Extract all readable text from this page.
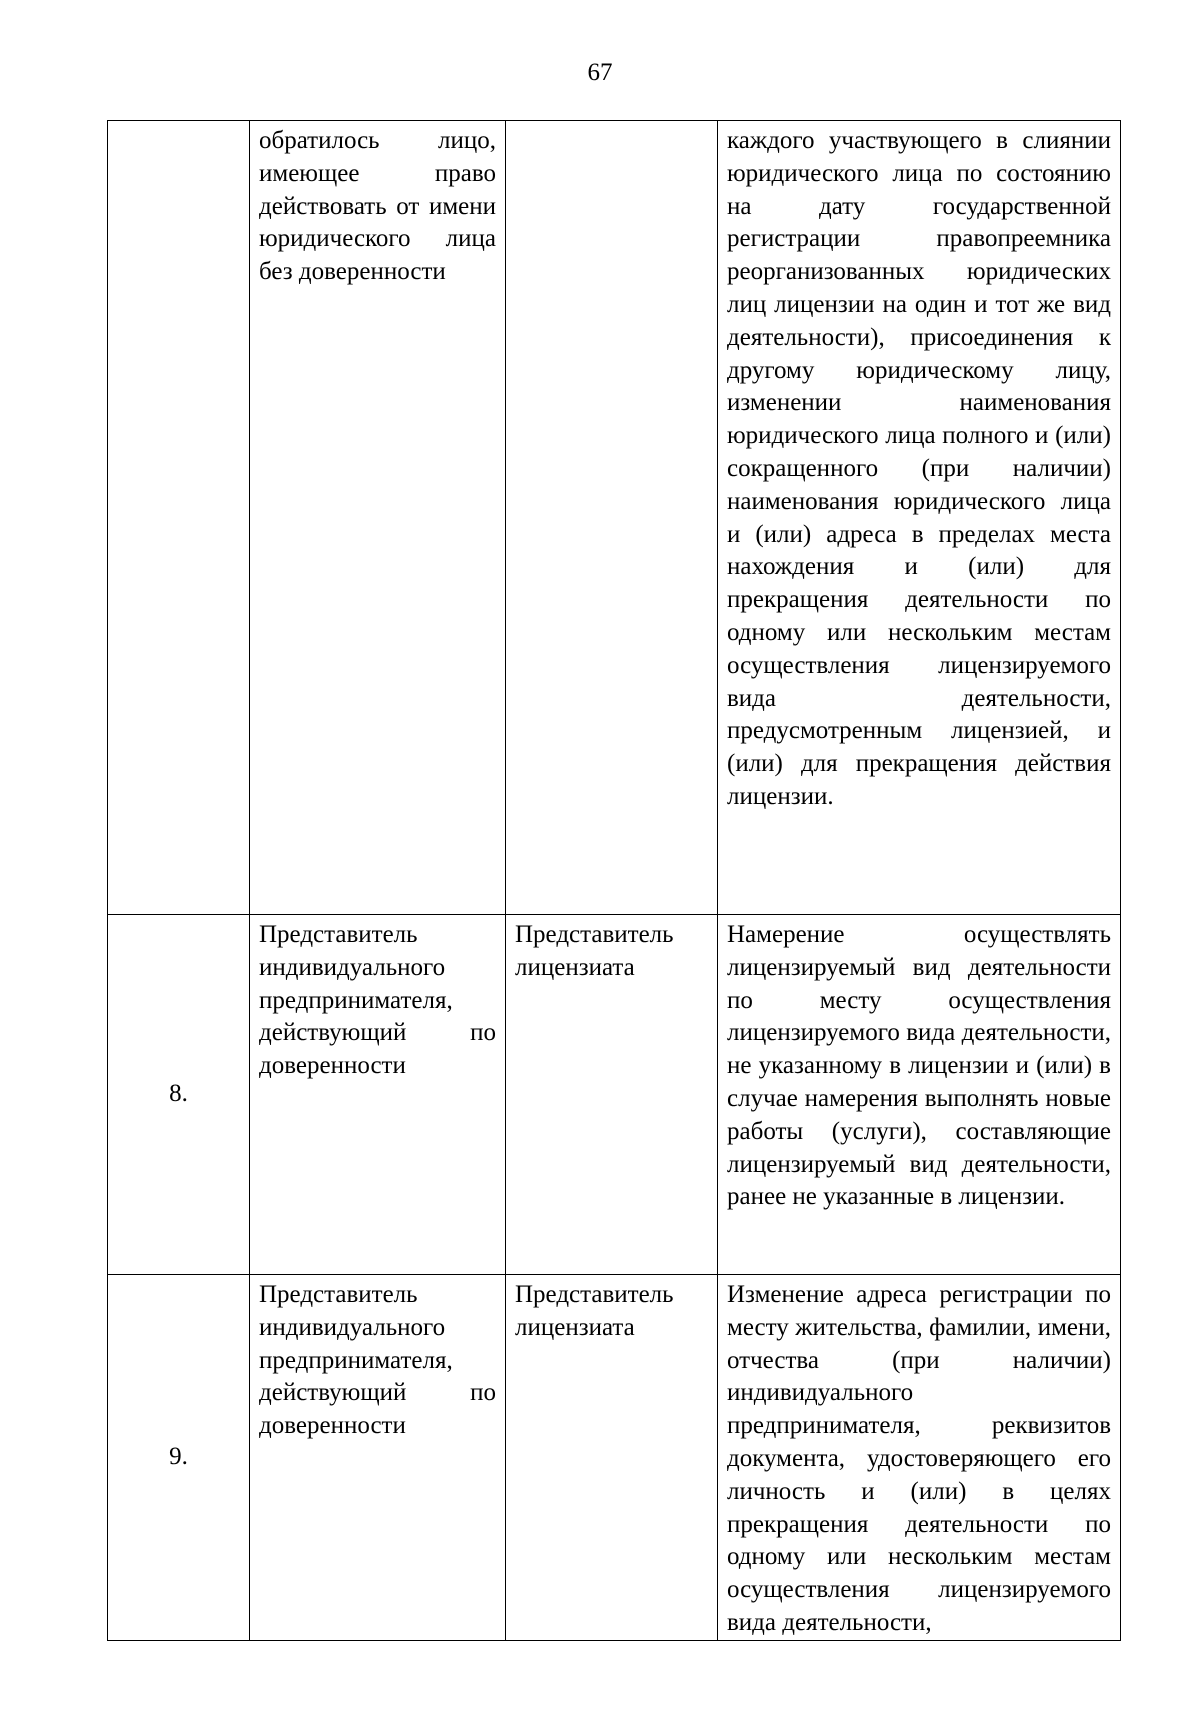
67
	обратилось лицо, имеющее право действовать от имени юридического лица без доверенности		каждого участвующего в слиянии юридического лица по состоянию на дату государственной регистрации правопреемника реорганизованных юридических лиц лицензии на один и тот же вид деятельности), присоединения к другому юридическому лицу, изменении наименования юридического лица полного и (или) сокращенного (при наличии) наименования юридического лица и (или) адреса в пределах места нахождения и (или) для прекращения деятельности по одному или нескольким местам осуществления лицензируемого вида деятельности, предусмотренным лицензией, и (или) для прекращения действия лицензии.
8.	Представитель индивидуального предпринимателя, действующий по доверенности	Представитель лицензиата	Намерение осуществлять лицензируемый вид деятельности по месту осуществления лицензируемого вида деятельности, не указанному в лицензии и (или) в случае намерения выполнять новые работы (услуги), составляющие лицензируемый вид деятельности, ранее не указанные в лицензии.
9.	Представитель индивидуального предпринимателя, действующий по доверенности	Представитель лицензиата	Изменение адреса регистрации по месту жительства, фамилии, имени, отчества (при наличии) индивидуального предпринимателя, реквизитов документа, удостоверяющего его личность и (или) в целях прекращения деятельности по одному или нескольким местам осуществления лицензируемого вида деятельности,
